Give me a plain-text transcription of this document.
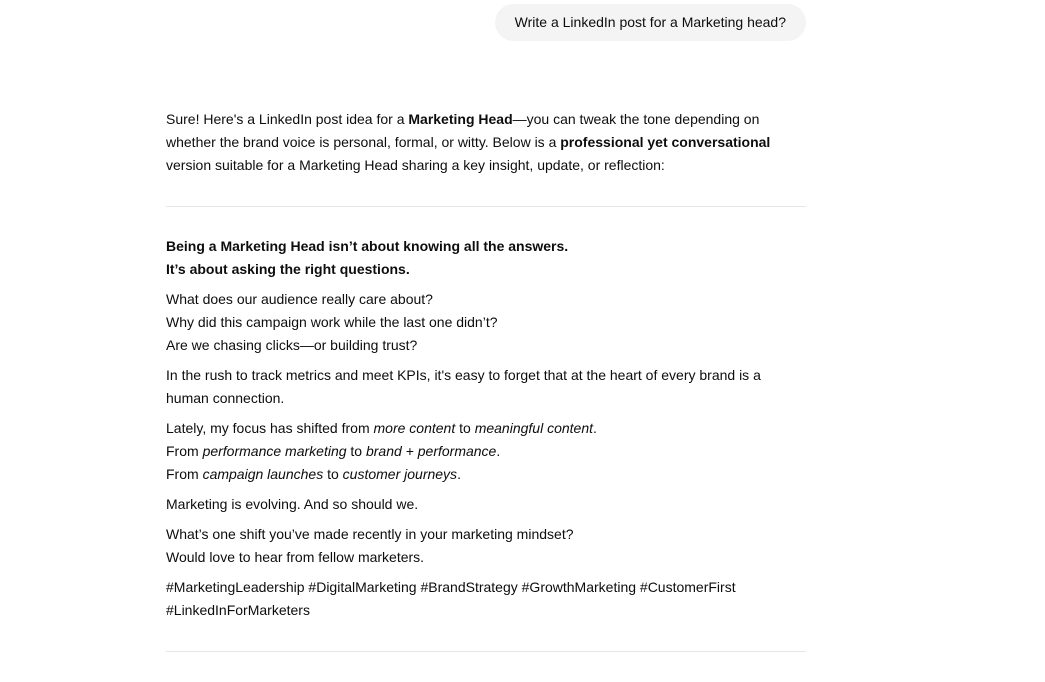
Write a LinkedIn post for a Marketing head?

Sure! Here's a LinkedIn post idea for a Marketing Head—you can tweak the tone depending on whether the brand voice is personal, formal, or witty. Below is a professional yet conversational version suitable for a Marketing Head sharing a key insight, update, or reflection:

Being a Marketing Head isn’t about knowing all the answers.
It’s about asking the right questions.

What does our audience really care about?
Why did this campaign work while the last one didn’t?
Are we chasing clicks—or building trust?

In the rush to track metrics and meet KPIs, it's easy to forget that at the heart of every brand is a human connection.

Lately, my focus has shifted from more content to meaningful content.
From performance marketing to brand + performance.
From campaign launches to customer journeys.

Marketing is evolving. And so should we.

What’s one shift you’ve made recently in your marketing mindset?
Would love to hear from fellow marketers.

#MarketingLeadership #DigitalMarketing #BrandStrategy #GrowthMarketing #CustomerFirst #LinkedInForMarketers
